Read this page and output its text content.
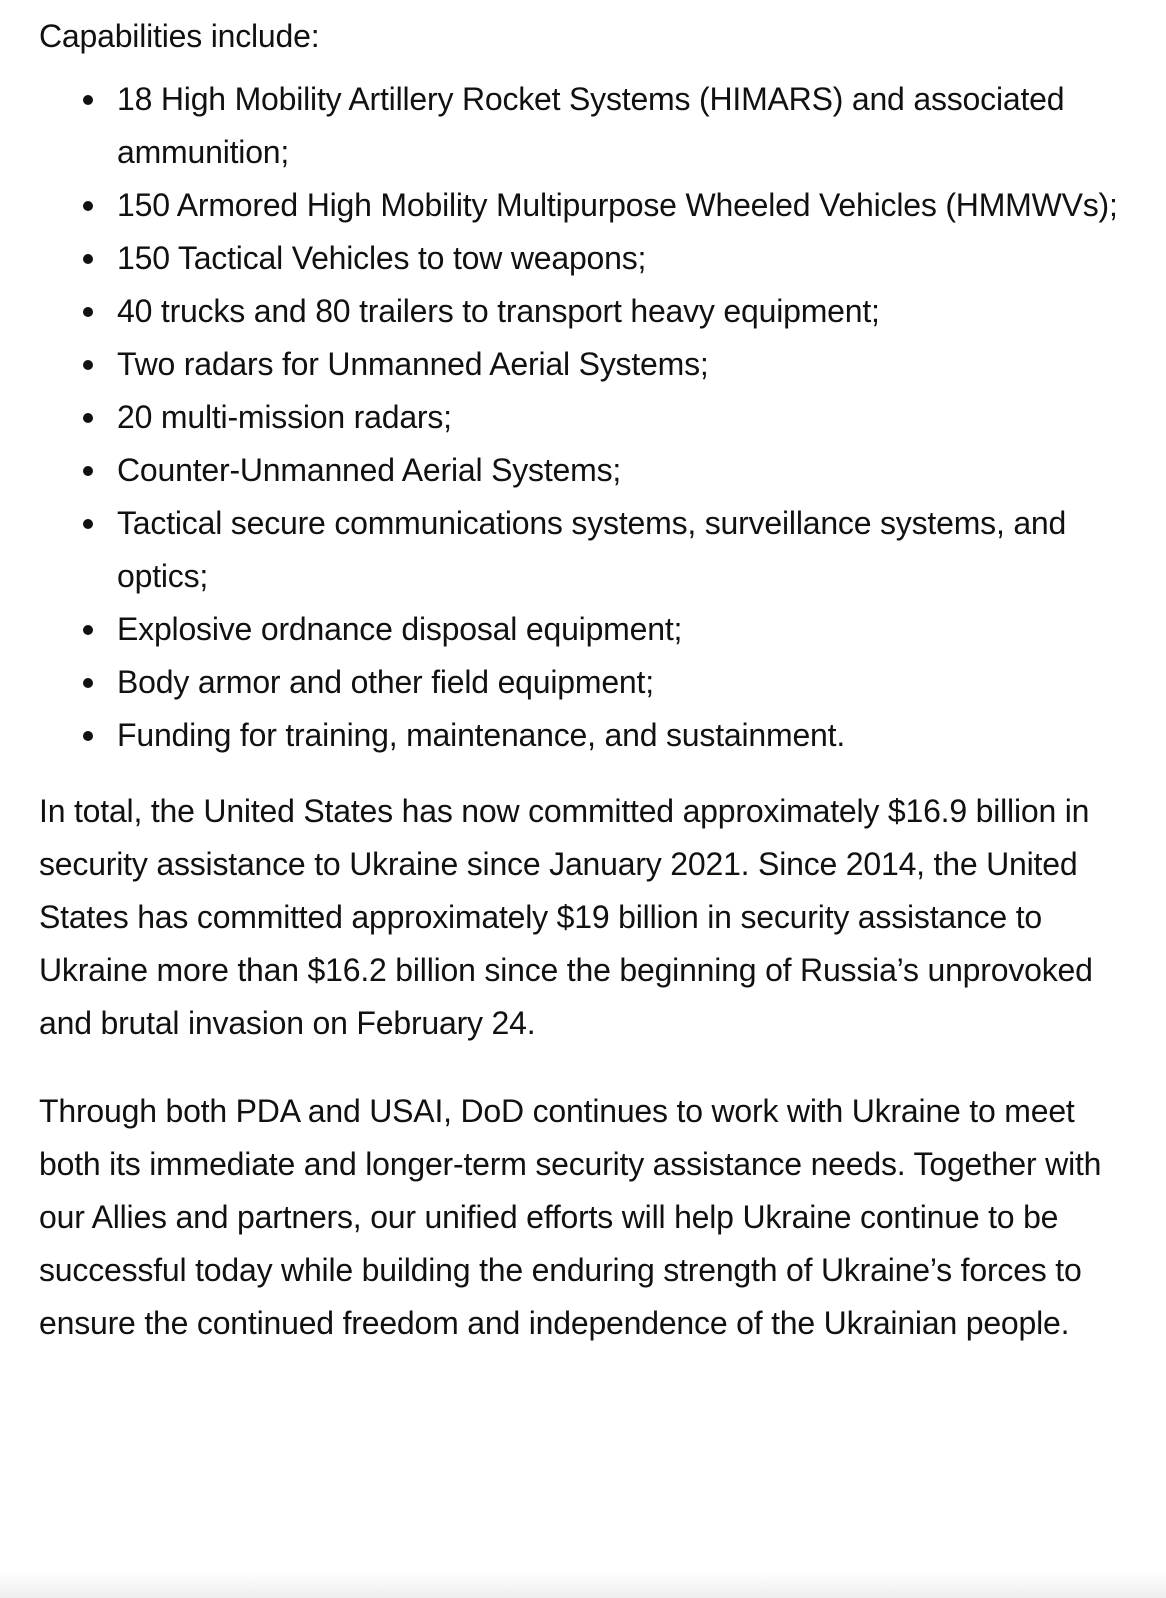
Capabilities include:

18 High Mobility Artillery Rocket Systems (HIMARS) and associated ammunition;
150 Armored High Mobility Multipurpose Wheeled Vehicles (HMMWVs);
150 Tactical Vehicles to tow weapons;
40 trucks and 80 trailers to transport heavy equipment;
Two radars for Unmanned Aerial Systems;
20 multi-mission radars;
Counter-Unmanned Aerial Systems;
Tactical secure communications systems, surveillance systems, and optics;
Explosive ordnance disposal equipment;
Body armor and other field equipment;
Funding for training, maintenance, and sustainment.

In total, the United States has now committed approximately $16.9 billion in security assistance to Ukraine since January 2021. Since 2014, the United States has committed approximately $19 billion in security assistance to Ukraine more than $16.2 billion since the beginning of Russia’s unprovoked and brutal invasion on February 24.

Through both PDA and USAI, DoD continues to work with Ukraine to meet both its immediate and longer-term security assistance needs. Together with our Allies and partners, our unified efforts will help Ukraine continue to be successful today while building the enduring strength of Ukraine’s forces to ensure the continued freedom and independence of the Ukrainian people.
